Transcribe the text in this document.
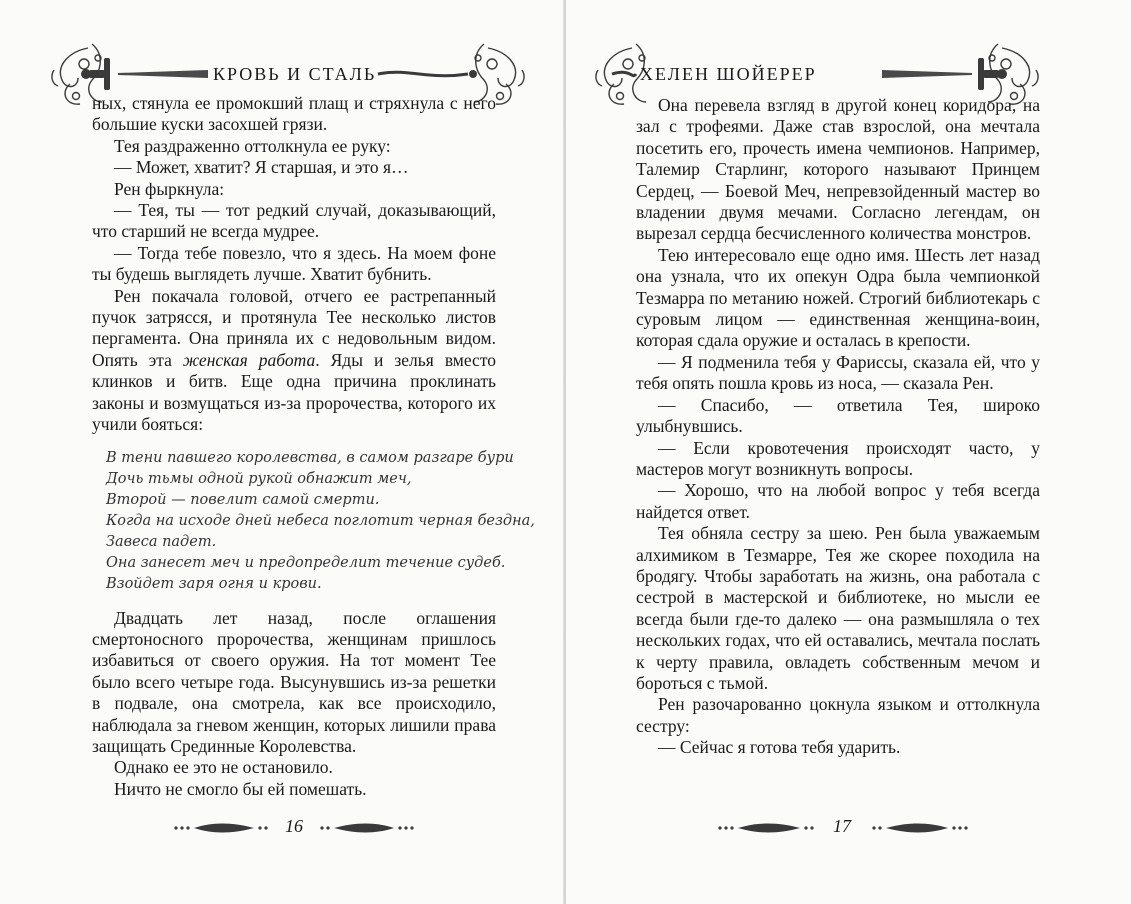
КРОВЬ И СТАЛЬ

ных, стянула ее промокший плащ и стряхнула с него большие куски засохшей грязи.

Тея раздраженно оттолкнула ее руку:

— Может, хватит? Я старшая, и это я…

Рен фыркнула:

— Тея, ты — тот редкий случай, доказывающий, что старший не всегда мудрее.

— Тогда тебе повезло, что я здесь. На моем фоне ты будешь выглядеть лучше. Хватит бубнить.

Рен покачала головой, отчего ее растрепанный пучок затрясся, и протянула Тее несколько листов пергамента. Она приняла их с недовольным видом. Опять эта женская работа. Яды и зелья вместо клинков и битв. Еще одна причина проклинать законы и возмущаться из-за пророчества, которого их учили бояться:

В тени павшего королевства, в самом разгаре бури
Дочь тьмы одной рукой обнажит меч,
Второй — повелит самой смерти.
Когда на исходе дней небеса поглотит черная бездна,
Завеса падет.
Она занесет меч и предопределит течение судеб.
Взойдет заря огня и крови.

Двадцать лет назад, после оглашения смертоносного пророчества, женщинам пришлось избавиться от своего оружия. На тот момент Тее было всего четыре года. Высунувшись из-за решетки в подвале, она смотрела, как все происходило, наблюдала за гневом женщин, которых лишили права защищать Срединные Королевства.

Однако ее это не остановило.

Ничто не смогло бы ей помешать.

16
ХЕЛЕН ШОЙЕРЕР

Она перевела взгляд в другой конец коридора, на зал с трофеями. Даже став взрослой, она мечтала посетить его, прочесть имена чемпионов. Например, Талемир Старлинг, которого называют Принцем Сердец, — Боевой Меч, непревзойденный мастер во владении двумя мечами. Согласно легендам, он вырезал сердца бесчисленного количества монстров.

Тею интересовало еще одно имя. Шесть лет назад она узнала, что их опекун Одра была чемпионкой Тезмарра по метанию ножей. Строгий библиотекарь с суровым лицом — единственная женщина-воин, которая сдала оружие и осталась в крепости.

— Я подменила тебя у Фариссы, сказала ей, что у тебя опять пошла кровь из носа, — сказала Рен.

— Спасибо, — ответила Тея, широко улыбнувшись.

— Если кровотечения происходят часто, у мастеров могут возникнуть вопросы.

— Хорошо, что на любой вопрос у тебя всегда найдется ответ.

Тея обняла сестру за шею. Рен была уважаемым алхимиком в Тезмарре, Тея же скорее походила на бродягу. Чтобы заработать на жизнь, она работала с сестрой в мастерской и библиотеке, но мысли ее всегда были где-то далеко — она размышляла о тех нескольких годах, что ей оставались, мечтала послать к черту правила, овладеть собственным мечом и бороться с тьмой.

Рен разочарованно цокнула языком и оттолкнула сестру:

— Сейчас я готова тебя ударить.

17
